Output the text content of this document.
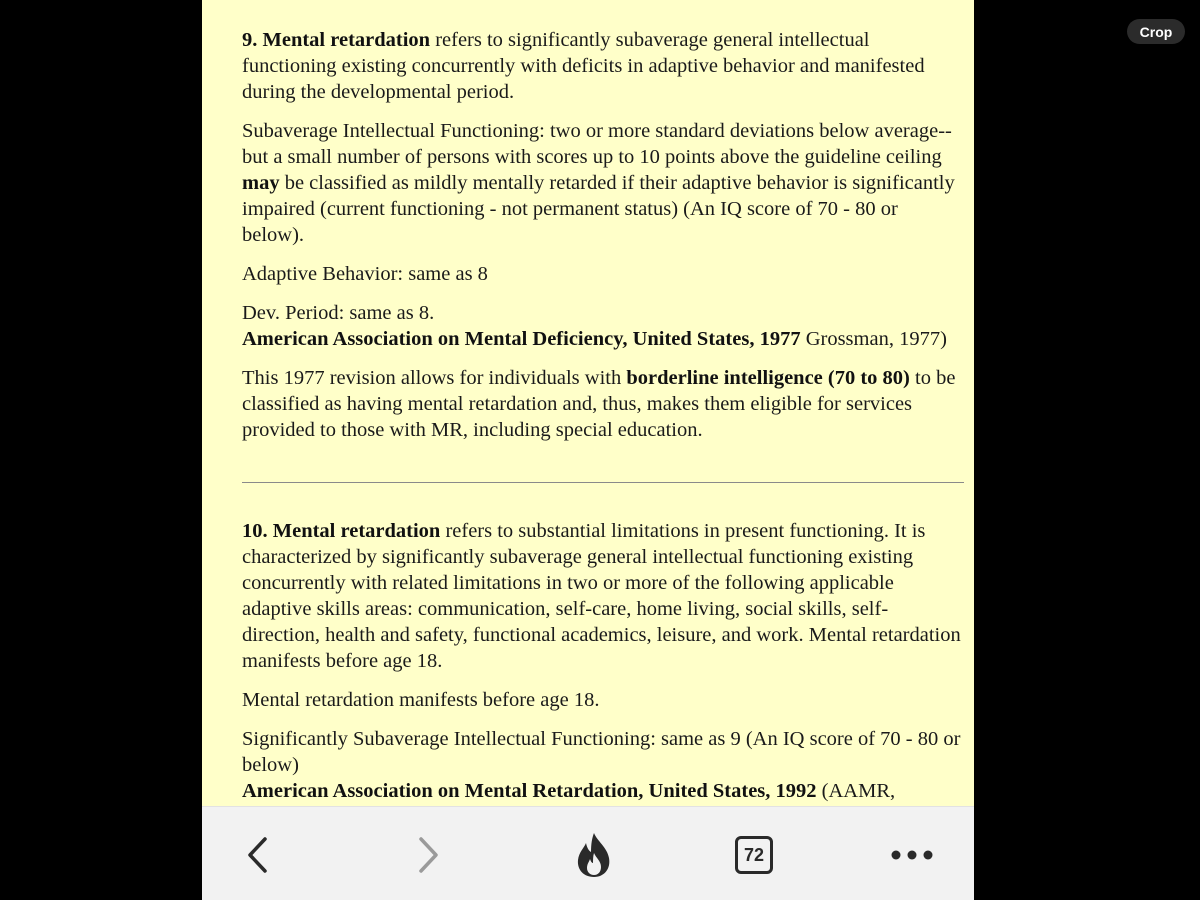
9. Mental retardation refers to significantly subaverage general intellectual functioning existing concurrently with deficits in adaptive behavior and manifested during the developmental period.

Subaverage Intellectual Functioning: two or more standard deviations below average--but a small number of persons with scores up to 10 points above the guideline ceiling may be classified as mildly mentally retarded if their adaptive behavior is significantly impaired (current functioning - not permanent status) (An IQ score of 70 - 80 or below).

Adaptive Behavior: same as 8

Dev. Period: same as 8.

American Association on Mental Deficiency, United States, 1977 Grossman, 1977)

This 1977 revision allows for individuals with borderline intelligence (70 to 80) to be classified as having mental retardation and, thus, makes them eligible for services provided to those with MR, including special education.

10. Mental retardation refers to substantial limitations in present functioning. It is characterized by significantly subaverage general intellectual functioning existing concurrently with related limitations in two or more of the following applicable adaptive skills areas: communication, self-care, home living, social skills, self-direction, health and safety, functional academics, leisure, and work. Mental retardation manifests before age 18.

Mental retardation manifests before age 18.

Significantly Subaverage Intellectual Functioning: same as 9 (An IQ score of 70 - 80 or below)

American Association on Mental Retardation, United States, 1992 (AAMR,

72
Crop
